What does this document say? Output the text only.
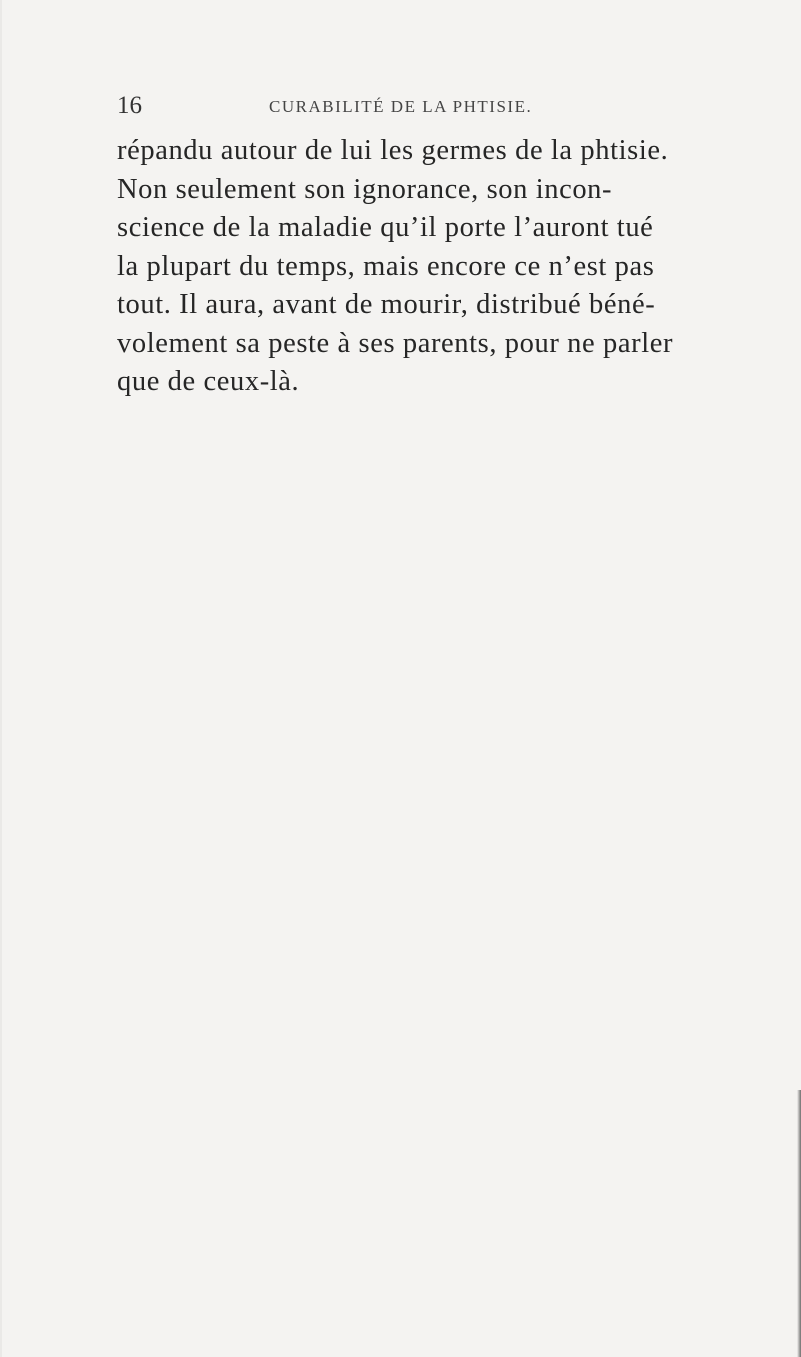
16	CURABILITÉ DE LA PHTISIE.
répandu autour de lui les germes de la phtisie.
Non seulement son ignorance, son incon-
science de la maladie qu’il porte l’auront tué
la plupart du temps, mais encore ce n’est pas
tout. Il aura, avant de mourir, distribué béné-
volement sa peste à ses parents, pour ne parler
que de ceux-là.
